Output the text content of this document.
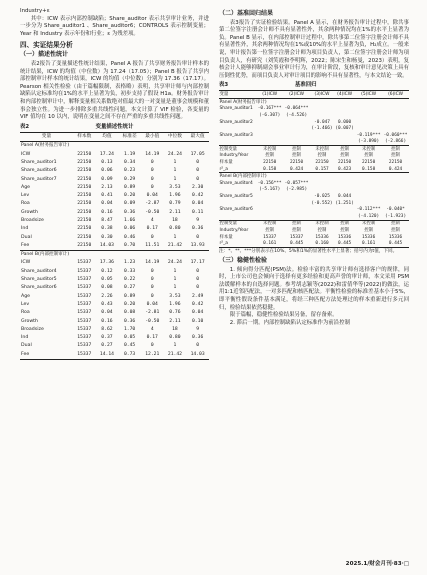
Industry+ε

其中：ICW 表示内部控制缺陷；Share_auditor 表示共享审计业务，并进一步分为 Share_auditor1 、Share_auditor6；CONTROLS 表示控制变量；Year 和 Industry 表示年份和行业；ε 为残差项。

四、实证结果分析
（一）描述性统计

表2报告了变量描述性统计结果，Panel A 报告了共享财务报告审计样本的统计结果，ICW 的均值（中位数）为 17.24（17.05）；Panel B 报告了共享内部控制审计样本的统计结果，ICW 的均值（中位数）分别为 17.36（17.17）。Pearson 相关性检验（由于篇幅限制，表格略）表明，共享审计师与内部控制缺陷认定标准均在1%的水平上显著为负，初步支持了假设 H1a。财务报告审计和内部控制审计中，解释变量相关系数绝对值最大的一对变量是董事会规模和董事会独立性。为进一步排除多重共线性问题，本文计算了 VIF 检验，各变量的 VIF 值均在 10 以内，说明在变量之间不存在严重的多重共线性问题。

表2	变量描述性统计
变量	样本数	均值	标准差	最小值	中位数	最大值
Panel A(财务报告审计)						
ICW	22150	17.24	1.19	14.19	24.24	17.05
Share_auditor1	22150	0.13	0.34	0	1	0
Share_auditor6	22150	0.06	0.23	0	1	0
Share_auditor7	22150	0.09	0.29	0	1	0
Age	22150	2.13	0.89	0	3.53	2.30
Lev	22150	0.41	0.20	0.04	1.96	0.42
Roa	22150	0.04	0.09	-2.87	0.79	0.04
Growth	22150	0.16	0.36	-0.50	2.11	0.11
Broadsize	22150	8.47	1.66	4	18	9
Ind	22150	0.38	0.06	0.17	0.80	0.36
Dual	22150	0.30	0.46	0	1	0
Fee	22150	14.03	0.70	11.51	21.42	13.93
Panel B(内部控制审计)						
ICW	15337	17.36	1.23	14.19	24.24	17.17
Share_auditor4	15337	0.12	0.33	0	1	0
Share_auditor5	15337	0.05	0.22	0	1	0
Share_auditor6	15337	0.08	0.27	0	1	0
Age	15337	2.26	0.89	0	3.53	2.49
Lev	15337	0.43	0.20	0.04	1.96	0.42
Roa	15337	0.04	0.08	-2.81	0.76	0.04
Growth	15337	0.16	0.36	-0.50	2.11	0.10
Broadsize	15337	8.62	1.70	4	18	9
Ind	15337	0.37	0.05	0.17	0.80	0.36
Dual	15337	0.27	0.45	0	1	0
Fee	15337	14.14	0.73	12.21	21.42	14.03
（二）基准回归结果

表3报告了实证检验结果。Panel A 显示，在财务报告审计过程中，除共事第二位签字注册会计师不具有显著性外，其余两种情况均在1%的水平上显著为负。Panel B 显示，在内部控制审计过程中，除共事第二位签字注册会计师不具有显著性外，其余两种情况均在1%或10%的水平上显著为负，H₂成立。一般来说，审计报告第一位签字注册会计师为项目负责人，第二位签字注册会计师为项目负责人，有研究（刘笑霞和李明辉，2022；陈宋生和杨曼，2023）表明，复核会计人能够抑制副会事业审计行为，在审计阶段，复核和审计意见决策上具有压倒性优势，而项目负责人对审计项目的影响不具有显著性，与本文结论一致。

表3	基准回归
变量	(1)ICW	(2)ICW	(3)ICW	(4)ICW	(5)ICW	(6)ICW
Panel A(财务报告审计)						
Share_auditor1	-0.167***	-0.064***				
	(-6.307)	(-4.526)				
Share_auditor2			-0.047	0.000		
			(-1.466)	(0.007)		
Share_auditor3					-0.119***	-0.060***
					(-3.890)	(-2.866)
控制变量	未控制	控制	未控制	控制	未控制	控制
Industry/Year	控制	控制	控制	控制	控制	控制
样本量	22150	22150	22150	22150	22150	22150
r²_a	0.158	0.424	0.157	0.423	0.158	0.424
Panel B(内部控制审计)						
Share_auditor4	-0.156***	-0.057***				
	(-5.167)	(-2.985)				
Share_auditor5			-0.025	0.044		
			(-0.552)	(1.251)		
Share_auditor6					-0.112***	-0.040*
					(-4.120)	(-1.923)
控制变量	未控制	控制	未控制	控制	未控制	控制
Industry/Year	控制	控制	控制	控制	控制	控制
样本量	15337	15337	15336	15336	15336	15336
r²_a	0.161	0.445	0.160	0.445	0.161	0.445

注：*、**、***分别表示在10%、5%和1%的显著性水平上显著；括号内为t值，下同。

（三）稳健性检验

1. 倾向得分匹配(PSM)法。检验丰富的共享审计师有选择客户的规律，同时，上市公司也会倾向于选择有更多经验和更高声誉的审计师，本文采用 PSM 法缓解样本的自选择问题。参考胡志颖等(2022)和雷倩华等(2022)的做法，运用1:1近邻匹配法，一对多匹配和核匹配法。平衡性检验的标准差基本小于5%，即平衡性假设条件基本满足，将经三种匹配方法处理过的样本重新进行多元回归，检验结果依然稳健。

限于篇幅，稳健性检验结果另备，留存备索。

2. 滞后一期。内部控制缺陷认定标准作为前沿控制

2025.1/财会月刊·83·□
